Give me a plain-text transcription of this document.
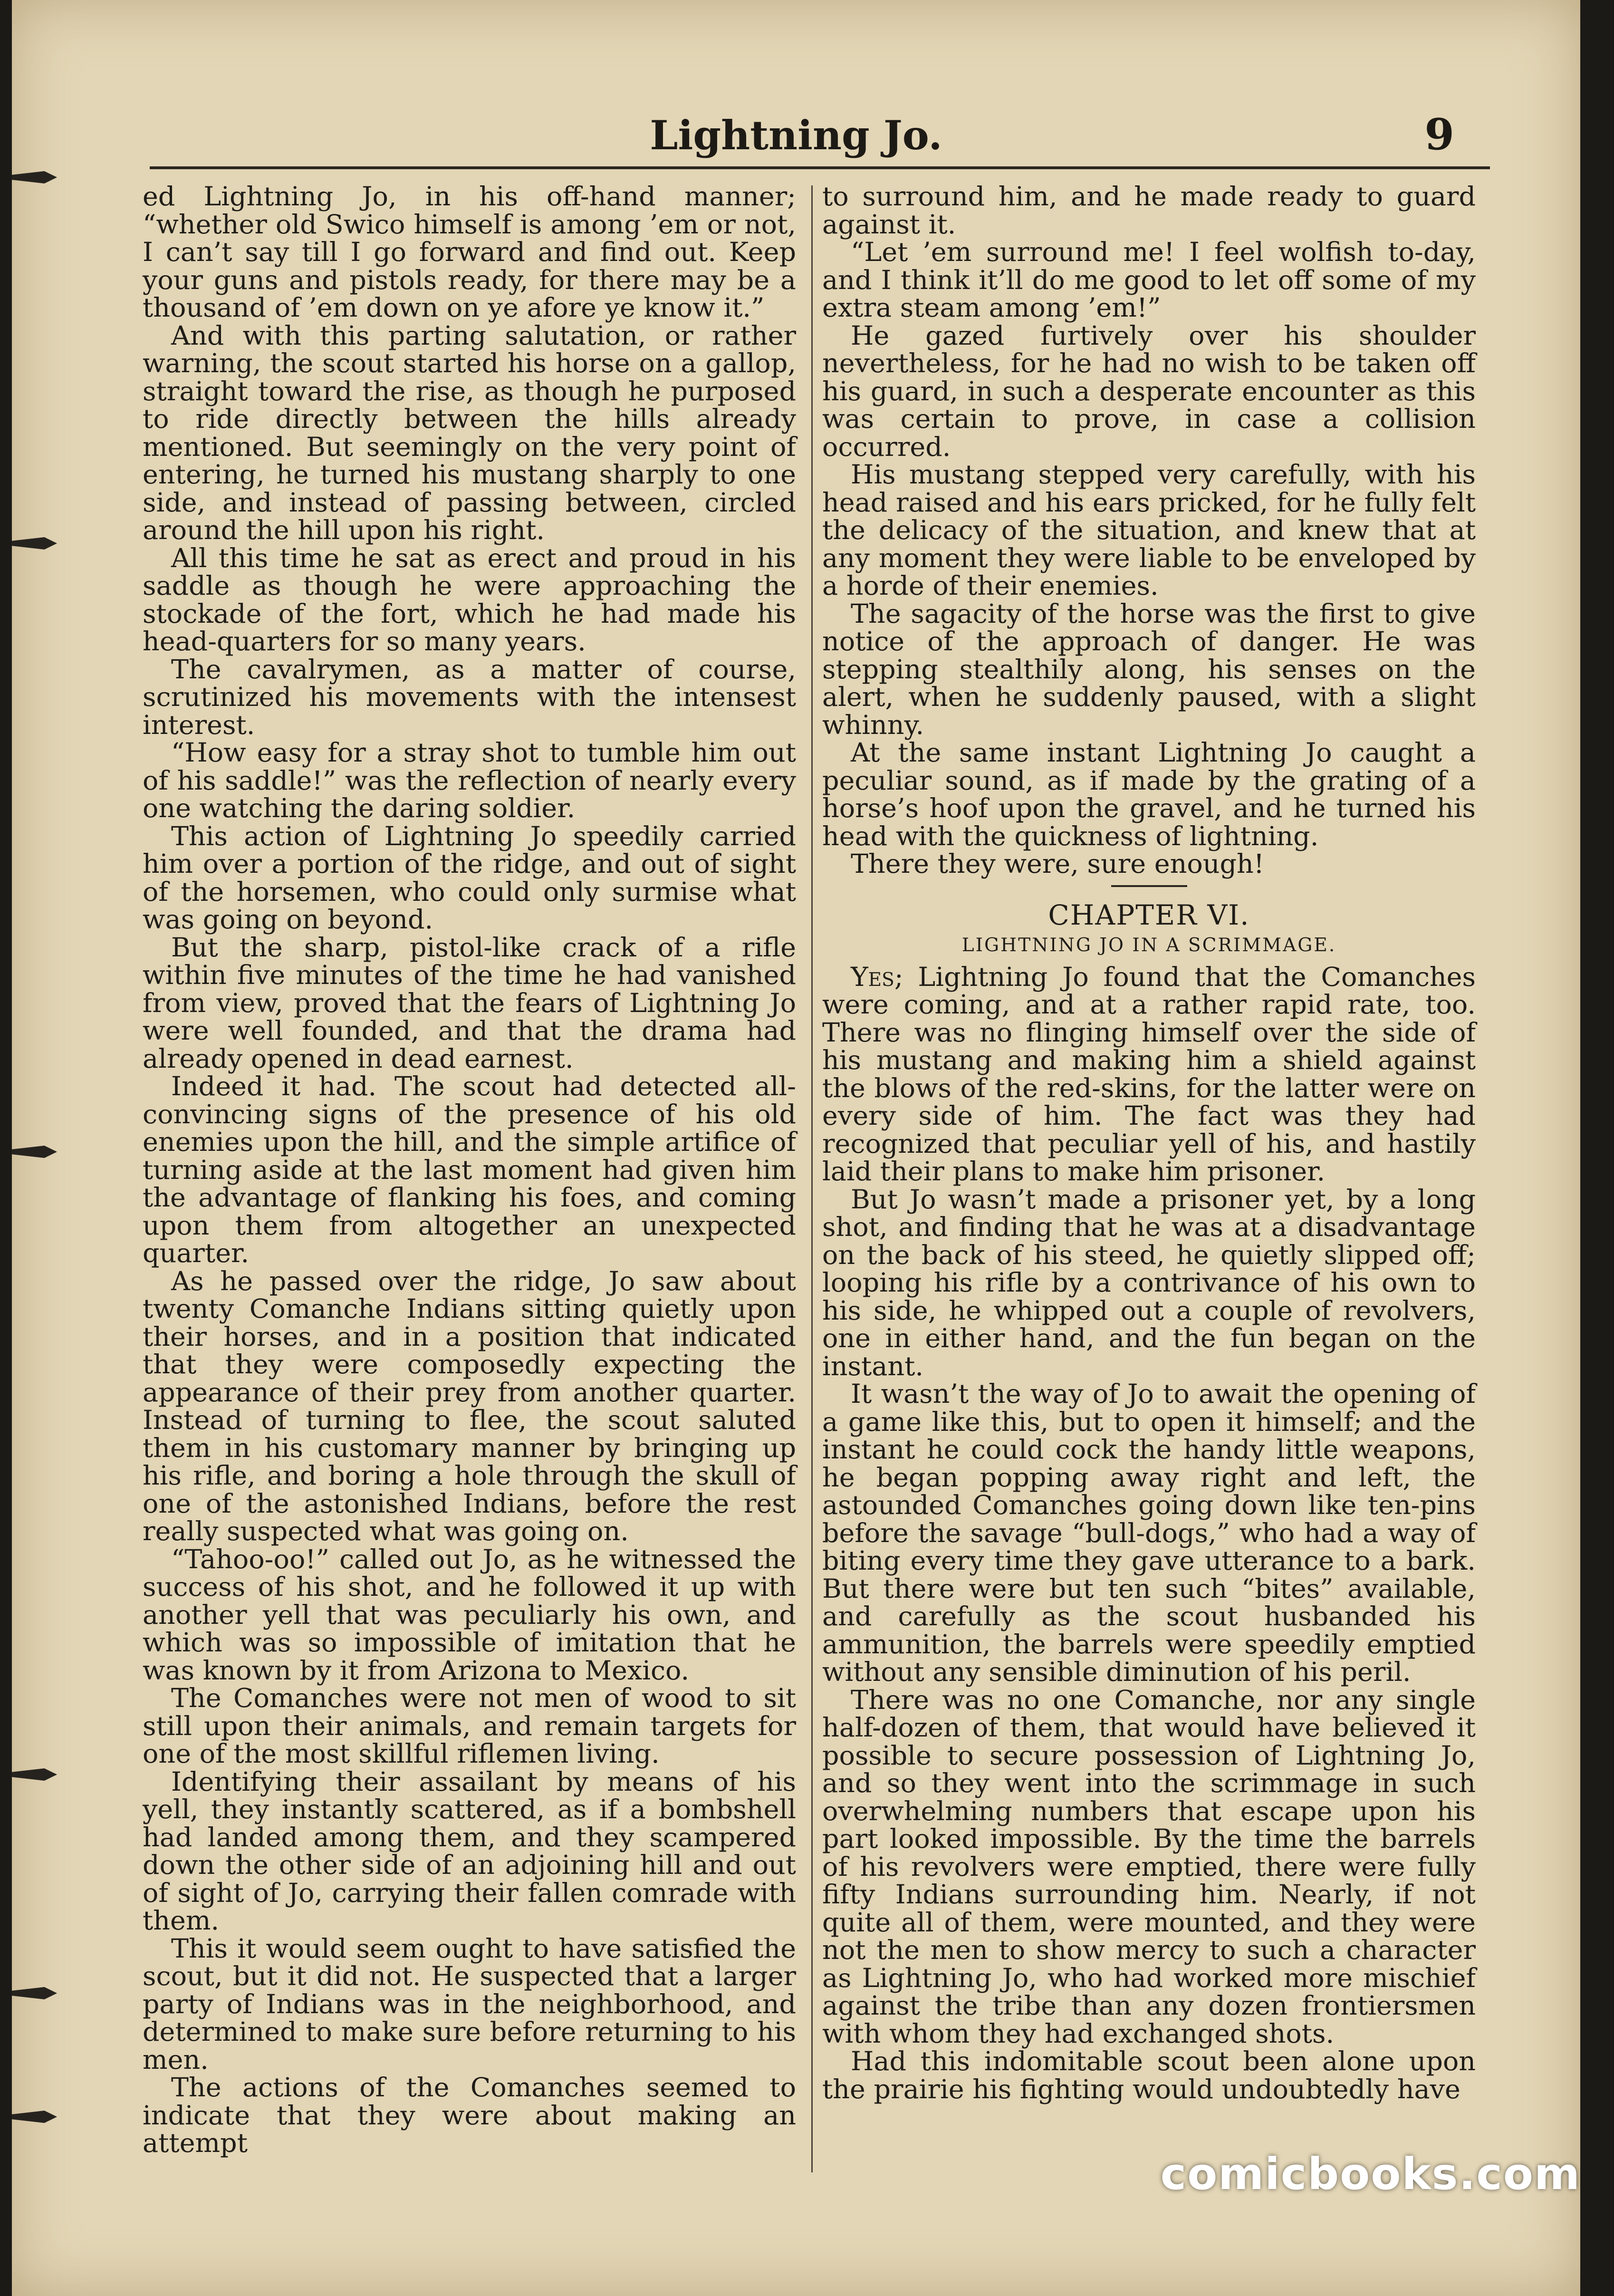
Lightning Jo.	9

ed Lightning Jo, in his off-hand manner; “whether old Swico himself is among ’em or not, I can’t say till I go forward and find out. Keep your guns and pistols ready, for there may be a thousand of ’em down on ye afore ye know it.”

And with this parting salutation, or rather warning, the scout started his horse on a gallop, straight toward the rise, as though he purposed to ride directly between the hills already mentioned. But seemingly on the very point of entering, he turned his mustang sharply to one side, and instead of passing between, circled around the hill upon his right.

All this time he sat as erect and proud in his saddle as though he were approaching the stockade of the fort, which he had made his head-quarters for so many years.

The cavalrymen, as a matter of course, scrutinized his movements with the intensest interest.

“How easy for a stray shot to tumble him out of his saddle!” was the reflection of nearly every one watching the daring soldier.

This action of Lightning Jo speedily carried him over a portion of the ridge, and out of sight of the horsemen, who could only surmise what was going on beyond.

But the sharp, pistol-like crack of a rifle within five minutes of the time he had vanished from view, proved that the fears of Lightning Jo were well founded, and that the drama had already opened in dead earnest.

Indeed it had. The scout had detected all-convincing signs of the presence of his old enemies upon the hill, and the simple artifice of turning aside at the last moment had given him the advantage of flanking his foes, and coming upon them from altogether an unexpected quarter.

As he passed over the ridge, Jo saw about twenty Comanche Indians sitting quietly upon their horses, and in a position that indicated that they were composedly expecting the appearance of their prey from another quarter. Instead of turning to flee, the scout saluted them in his customary manner by bringing up his rifle, and boring a hole through the skull of one of the astonished Indians, before the rest really suspected what was going on.

“Tahoo-oo!” called out Jo, as he witnessed the success of his shot, and he followed it up with another yell that was peculiarly his own, and which was so impossible of imitation that he was known by it from Arizona to Mexico.

The Comanches were not men of wood to sit still upon their animals, and remain targets for one of the most skillful riflemen living.

Identifying their assailant by means of his yell, they instantly scattered, as if a bombshell had landed among them, and they scampered down the other side of an adjoining hill and out of sight of Jo, carrying their fallen comrade with them.

This it would seem ought to have satisfied the scout, but it did not. He suspected that a larger party of Indians was in the neighborhood, and determined to make sure before returning to his men.

The actions of the Comanches seemed to indicate that they were about making an attempt

to surround him, and he made ready to guard against it.

“Let ’em surround me! I feel wolfish to-day, and I think it’ll do me good to let off some of my extra steam among ’em!”

He gazed furtively over his shoulder nevertheless, for he had no wish to be taken off his guard, in such a desperate encounter as this was certain to prove, in case a collision occurred.

His mustang stepped very carefully, with his head raised and his ears pricked, for he fully felt the delicacy of the situation, and knew that at any moment they were liable to be enveloped by a horde of their enemies.

The sagacity of the horse was the first to give notice of the approach of danger. He was stepping stealthily along, his senses on the alert, when he suddenly paused, with a slight whinny.

At the same instant Lightning Jo caught a peculiar sound, as if made by the grating of a horse’s hoof upon the gravel, and he turned his head with the quickness of lightning.

There they were, sure enough!

CHAPTER VI.
LIGHTNING JO IN A SCRIMMAGE.

Yes; Lightning Jo found that the Comanches were coming, and at a rather rapid rate, too. There was no flinging himself over the side of his mustang and making him a shield against the blows of the red-skins, for the latter were on every side of him. The fact was they had recognized that peculiar yell of his, and hastily laid their plans to make him prisoner.

But Jo wasn’t made a prisoner yet, by a long shot, and finding that he was at a disadvantage on the back of his steed, he quietly slipped off; looping his rifle by a contrivance of his own to his side, he whipped out a couple of revolvers, one in either hand, and the fun began on the instant.

It wasn’t the way of Jo to await the opening of a game like this, but to open it himself; and the instant he could cock the handy little weapons, he began popping away right and left, the astounded Comanches going down like ten-pins before the savage “bull-dogs,” who had a way of biting every time they gave utterance to a bark. But there were but ten such “bites” available, and carefully as the scout husbanded his ammunition, the barrels were speedily emptied without any sensible diminution of his peril.

There was no one Comanche, nor any single half-dozen of them, that would have believed it possible to secure possession of Lightning Jo, and so they went into the scrimmage in such overwhelming numbers that escape upon his part looked impossible. By the time the barrels of his revolvers were emptied, there were fully fifty Indians surrounding him. Nearly, if not quite all of them, were mounted, and they were not the men to show mercy to such a character as Lightning Jo, who had worked more mischief against the tribe than any dozen frontiersmen with whom they had exchanged shots.

Had this indomitable scout been alone upon the prairie his fighting would undoubtedly have

comicbooks.com
